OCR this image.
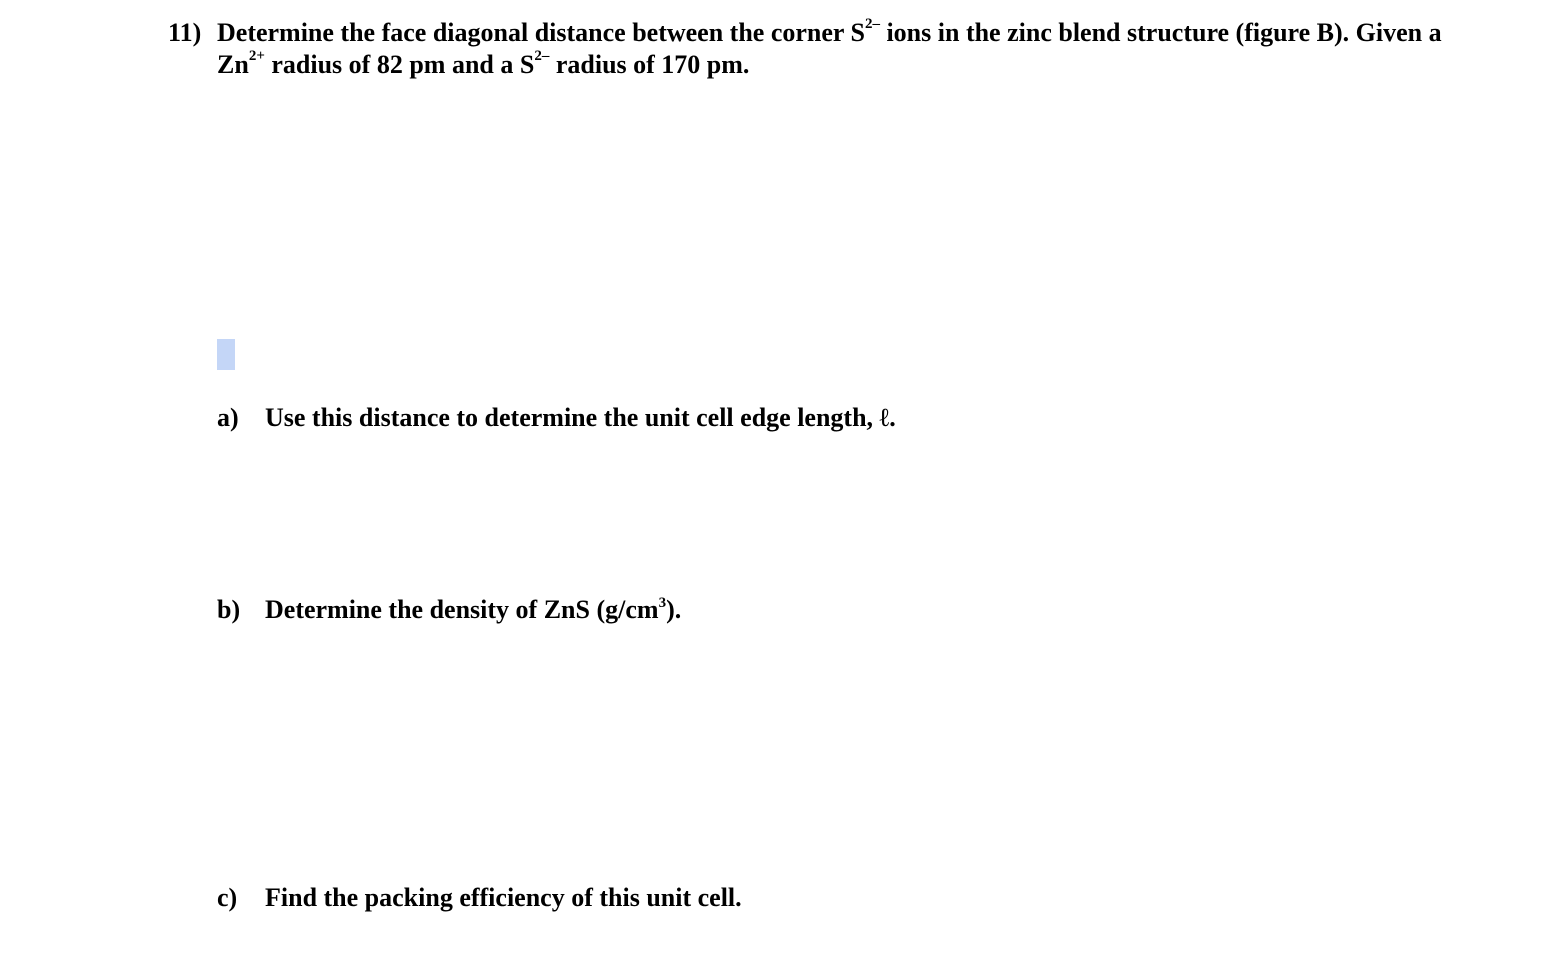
11) Determine the face diagonal distance between the corner $S^{2-}$ ions in the zinc blend structure (figure B). Given a
$Zn^{2+}$ radius of 82 pm and a $S^{2-}$ radius of 170 pm.
a) Use this distance to determine the unit cell edge length, ℓ.
b) Determine the density of ZnS $(g/cm^3)$.
c) Find the packing efficiency of this unit cell.
